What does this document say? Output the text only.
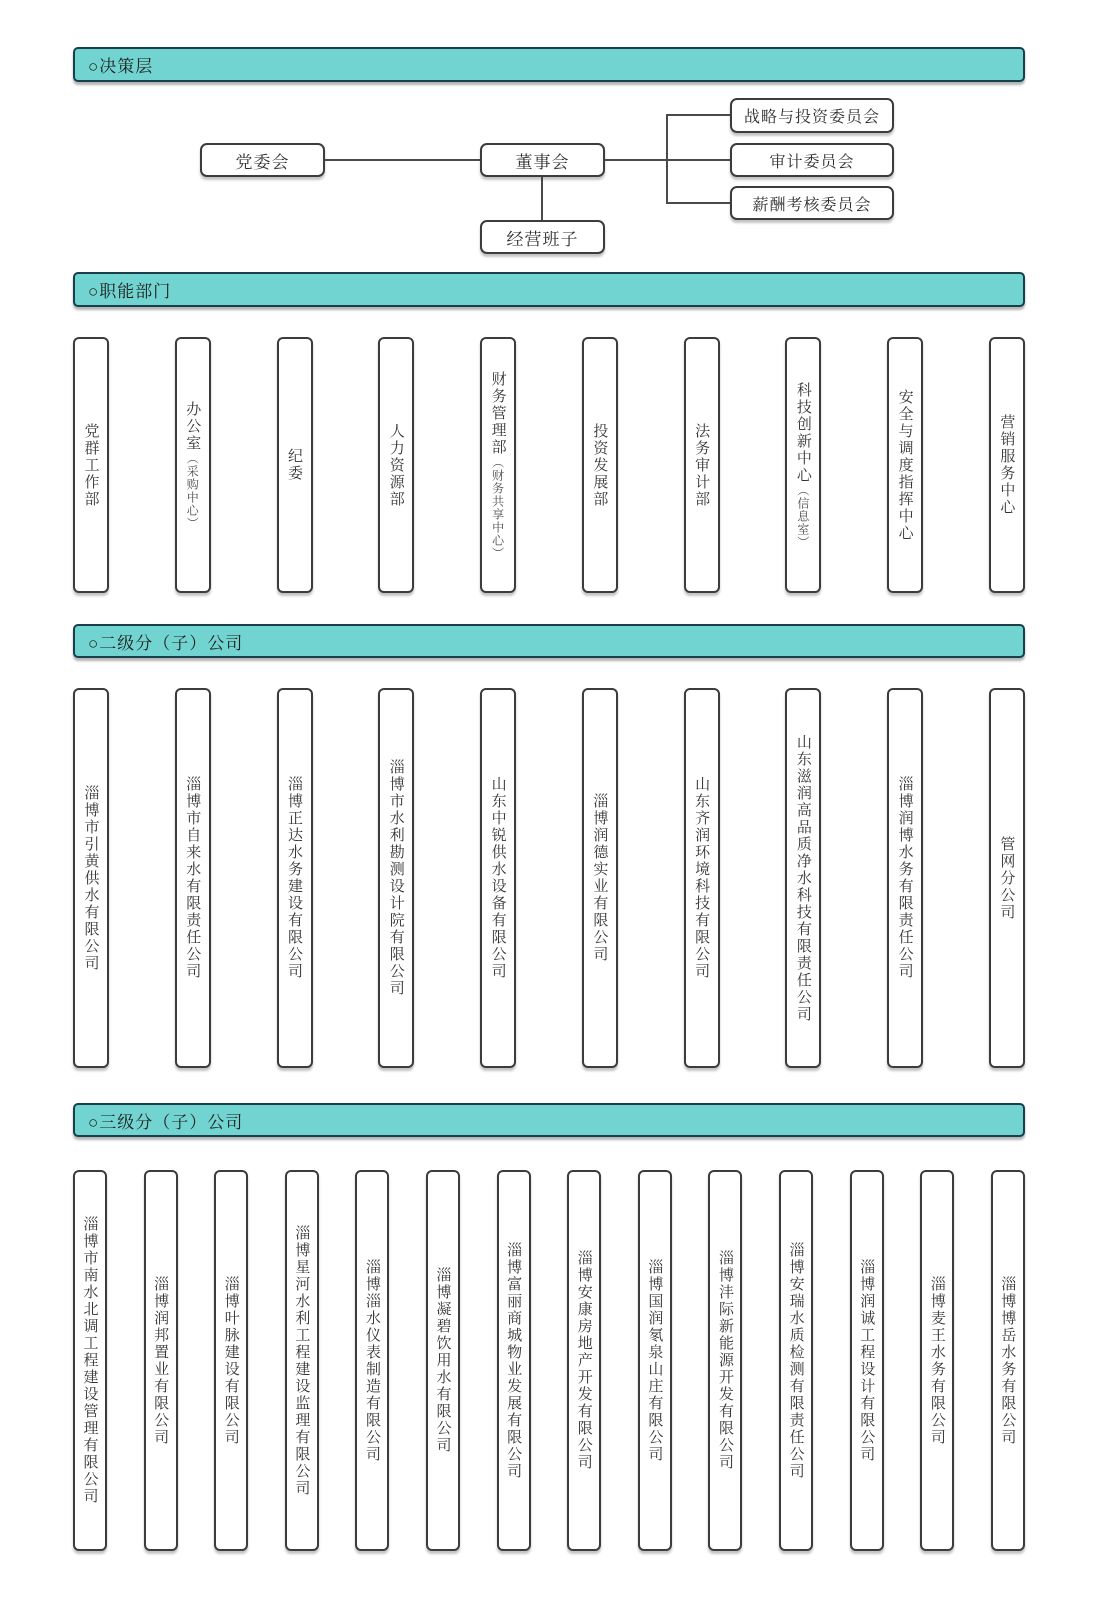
○决策层
党委会	董事会
经营班子
战略与投资委员会
审计委员会
薪酬考核委员会
○职能部门
党群工作部	办公室（采购中心）	纪委	人力资源部
财务管理部（财务共享中心）	投资发展部	法务审计部	科技创新中心（信息室）	安全与调度指挥中心	营销服务中心
○二级分（子）公司
淄博市引黄供水有限公司	淄博市自来水有限责任公司	淄博正达水务建设有限公司	淄博市水利勘测设计院有限公司	山东中锐供水设备有限公司	淄博润德实业有限公司	山东齐润环境科技有限公司	山东滋润高品质净水科技有限责任公司	淄博润博水务有限责任公司	管网分公司
○三级分（子）公司
淄博市南水北调工程建设管理有限公司	淄博润邦置业有限公司	淄博叶脉建设有限公司	淄博星河水利工程建设监理有限公司	淄博淄水仪表制造有限公司	淄博凝碧饮用水有限公司	淄博富丽商城物业发展有限公司	淄博安康房地产开发有限公司	淄博国润氡泉山庄有限公司	淄博沣际新能源开发有限公司	淄博安瑞水质检测有限责任公司	淄博润诚工程设计有限公司	淄博麦王水务有限公司	淄博博岳水务有限公司
